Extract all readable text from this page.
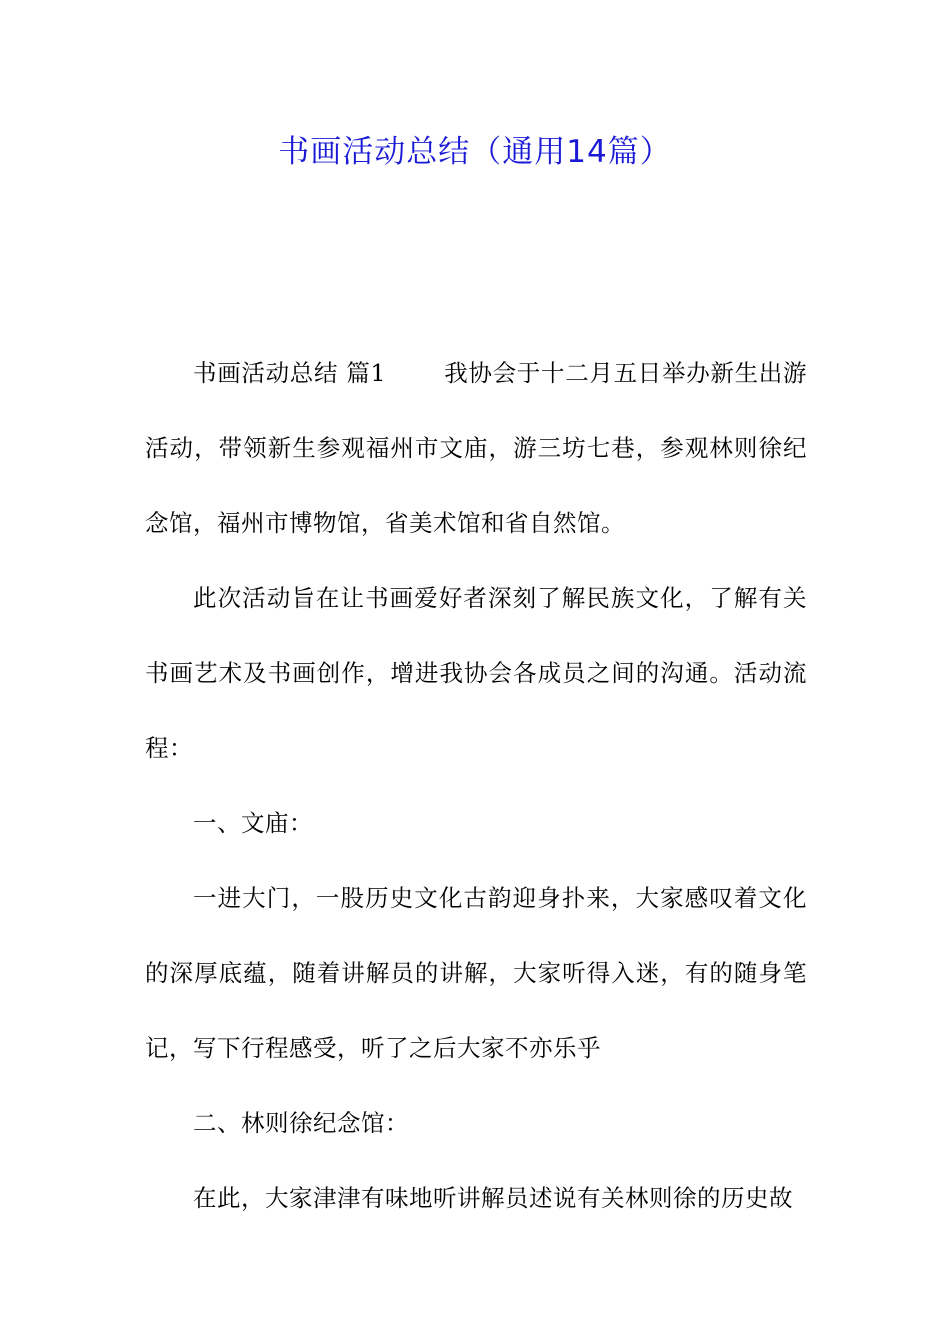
书画活动总结（通用14篇）

书画活动总结 篇1 我协会于十二月五日举办新生出游活动，带领新生参观福州市文庙，游三坊七巷，参观林则徐纪念馆，福州市博物馆，省美术馆和省自然馆。

此次活动旨在让书画爱好者深刻了解民族文化，了解有关书画艺术及书画创作，增进我协会各成员之间的沟通。活动流程：

一、文庙：

一进大门，一股历史文化古韵迎身扑来，大家感叹着文化的深厚底蕴，随着讲解员的讲解，大家听得入迷，有的随身笔记，写下行程感受，听了之后大家不亦乐乎

二、林则徐纪念馆：

在此，大家津津有味地听讲解员述说有关林则徐的历史故
